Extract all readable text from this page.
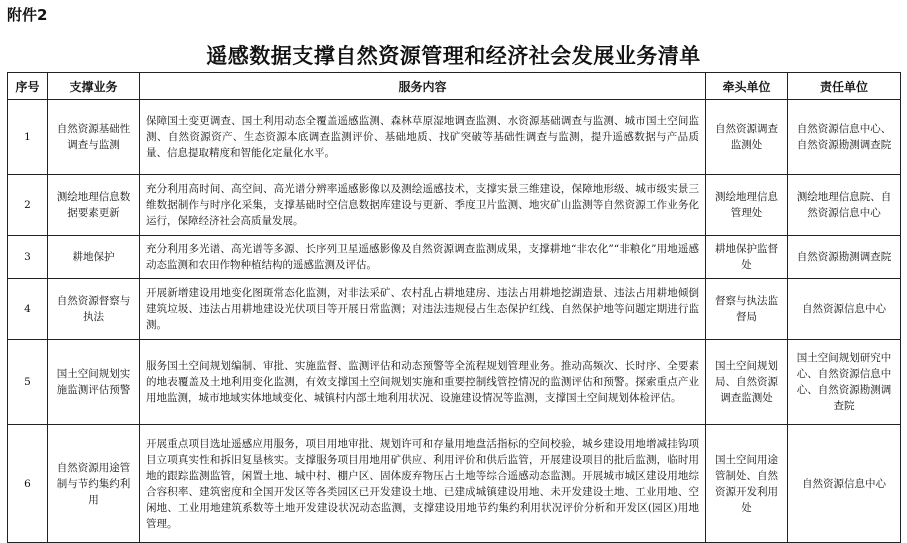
附件2
遥感数据支撑自然资源管理和经济社会发展业务清单
序号	支撑业务	服务内容	牵头单位	责任单位
1	自然资源基础性调查与监测	保障国土变更调查、国土利用动态全覆盖遥感监测、森林草原湿地调查监测、水资源基础调查与监测、城市国土空间监测、自然资源资产、生态资源本底调查监测评价、基础地质、找矿突破等基础性调查与监测，提升遥感数据与产品质量、信息提取精度和智能化定量化水平。	自然资源调查监测处	自然资源信息中心、自然资源勘测调查院
2	测绘地理信息数据要素更新	充分利用高时间、高空间、高光谱分辨率遥感影像以及测绘遥感技术，支撑实景三维建设，保障地形级、城市级实景三维数据制作与时序化采集，支撑基础时空信息数据库建设与更新、季度卫片监测、地灾矿山监测等自然资源工作业务化运行，保障经济社会高质量发展。	测绘地理信息管理处	测绘地理信息院、自然资源信息中心
3	耕地保护	充分利用多光谱、高光谱等多源、长序列卫星遥感影像及自然资源调查监测成果，支撑耕地“非农化”“非粮化”用地遥感动态监测和农田作物种植结构的遥感监测及评估。	耕地保护监督处	自然资源勘测调查院
4	自然资源督察与执法	开展新增建设用地变化图斑常态化监测，对非法采矿、农村乱占耕地建房、违法占用耕地挖湖造景、违法占用耕地倾倒建筑垃圾、违法占用耕地建设光伏项目等开展日常监测；对违法违规侵占生态保护红线、自然保护地等问题定期进行监测。	督察与执法监督局	自然资源信息中心
5	国土空间规划实施监测评估预警	服务国土空间规划编制、审批、实施监督、监测评估和动态预警等全流程规划管理业务。推动高频次、长时序、全要素的地表覆盖及土地利用变化监测，有效支撑国土空间规划实施和重要控制线管控情况的监测评估和预警。探索重点产业用地监测，城市地域实体地域变化、城镇村内部土地利用状况、设施建设情况等监测，支撑国土空间规划体检评估。	国土空间规划局、自然资源调查监测处	国土空间规划研究中心、自然资源信息中心、自然资源勘测调查院
6	自然资源用途管制与节约集约利用	开展重点项目选址遥感应用服务，项目用地审批、规划许可和存量用地盘活指标的空间校验，城乡建设用地增减挂钩项目立项真实性和拆旧复垦核实。支撑服务项目用地用矿供应、利用评价和供后监管，开展建设项目的批后监测，临时用地的跟踪监测监管，闲置土地、城中村、棚户区、固体废弃物压占土地等综合遥感动态监测。开展城市城区建设用地综合容积率、建筑密度和全国开发区等各类园区已开发建设土地、已建成城镇建设用地、未开发建设土地、工业用地、空闲地、工业用地建筑系数等土地开发建设状况动态监测，支撑建设用地节约集约利用状况评价分析和开发区(园区)用地管理。	国土空间用途管制处、自然资源开发利用处	自然资源信息中心
